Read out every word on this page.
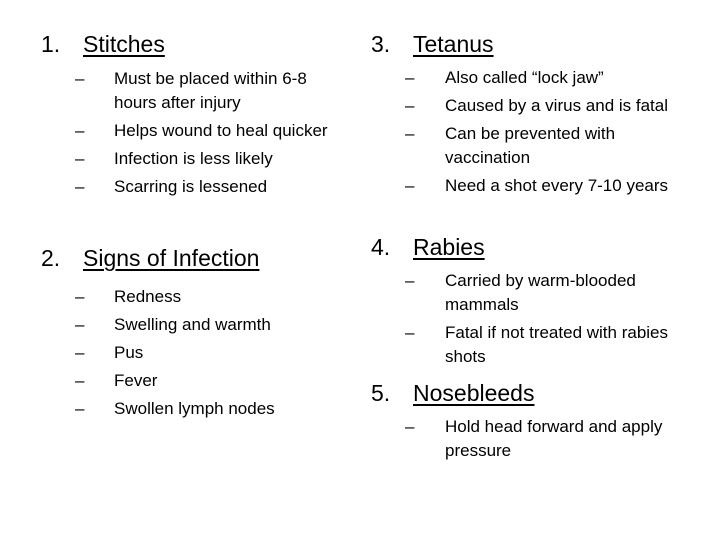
1. Stitches
– Must be placed within 6-8 hours after injury
– Helps wound to heal quicker
– Infection is less likely
– Scarring is lessened
2. Signs of Infection
– Redness
– Swelling and warmth
– Pus
– Fever
– Swollen lymph nodes
3. Tetanus
– Also called “lock jaw”
– Caused by a virus and is fatal
– Can be prevented with vaccination
– Need a shot every 7-10 years
4. Rabies
– Carried by warm-blooded mammals
– Fatal if not treated with rabies shots
5. Nosebleeds
– Hold head forward and apply pressure
